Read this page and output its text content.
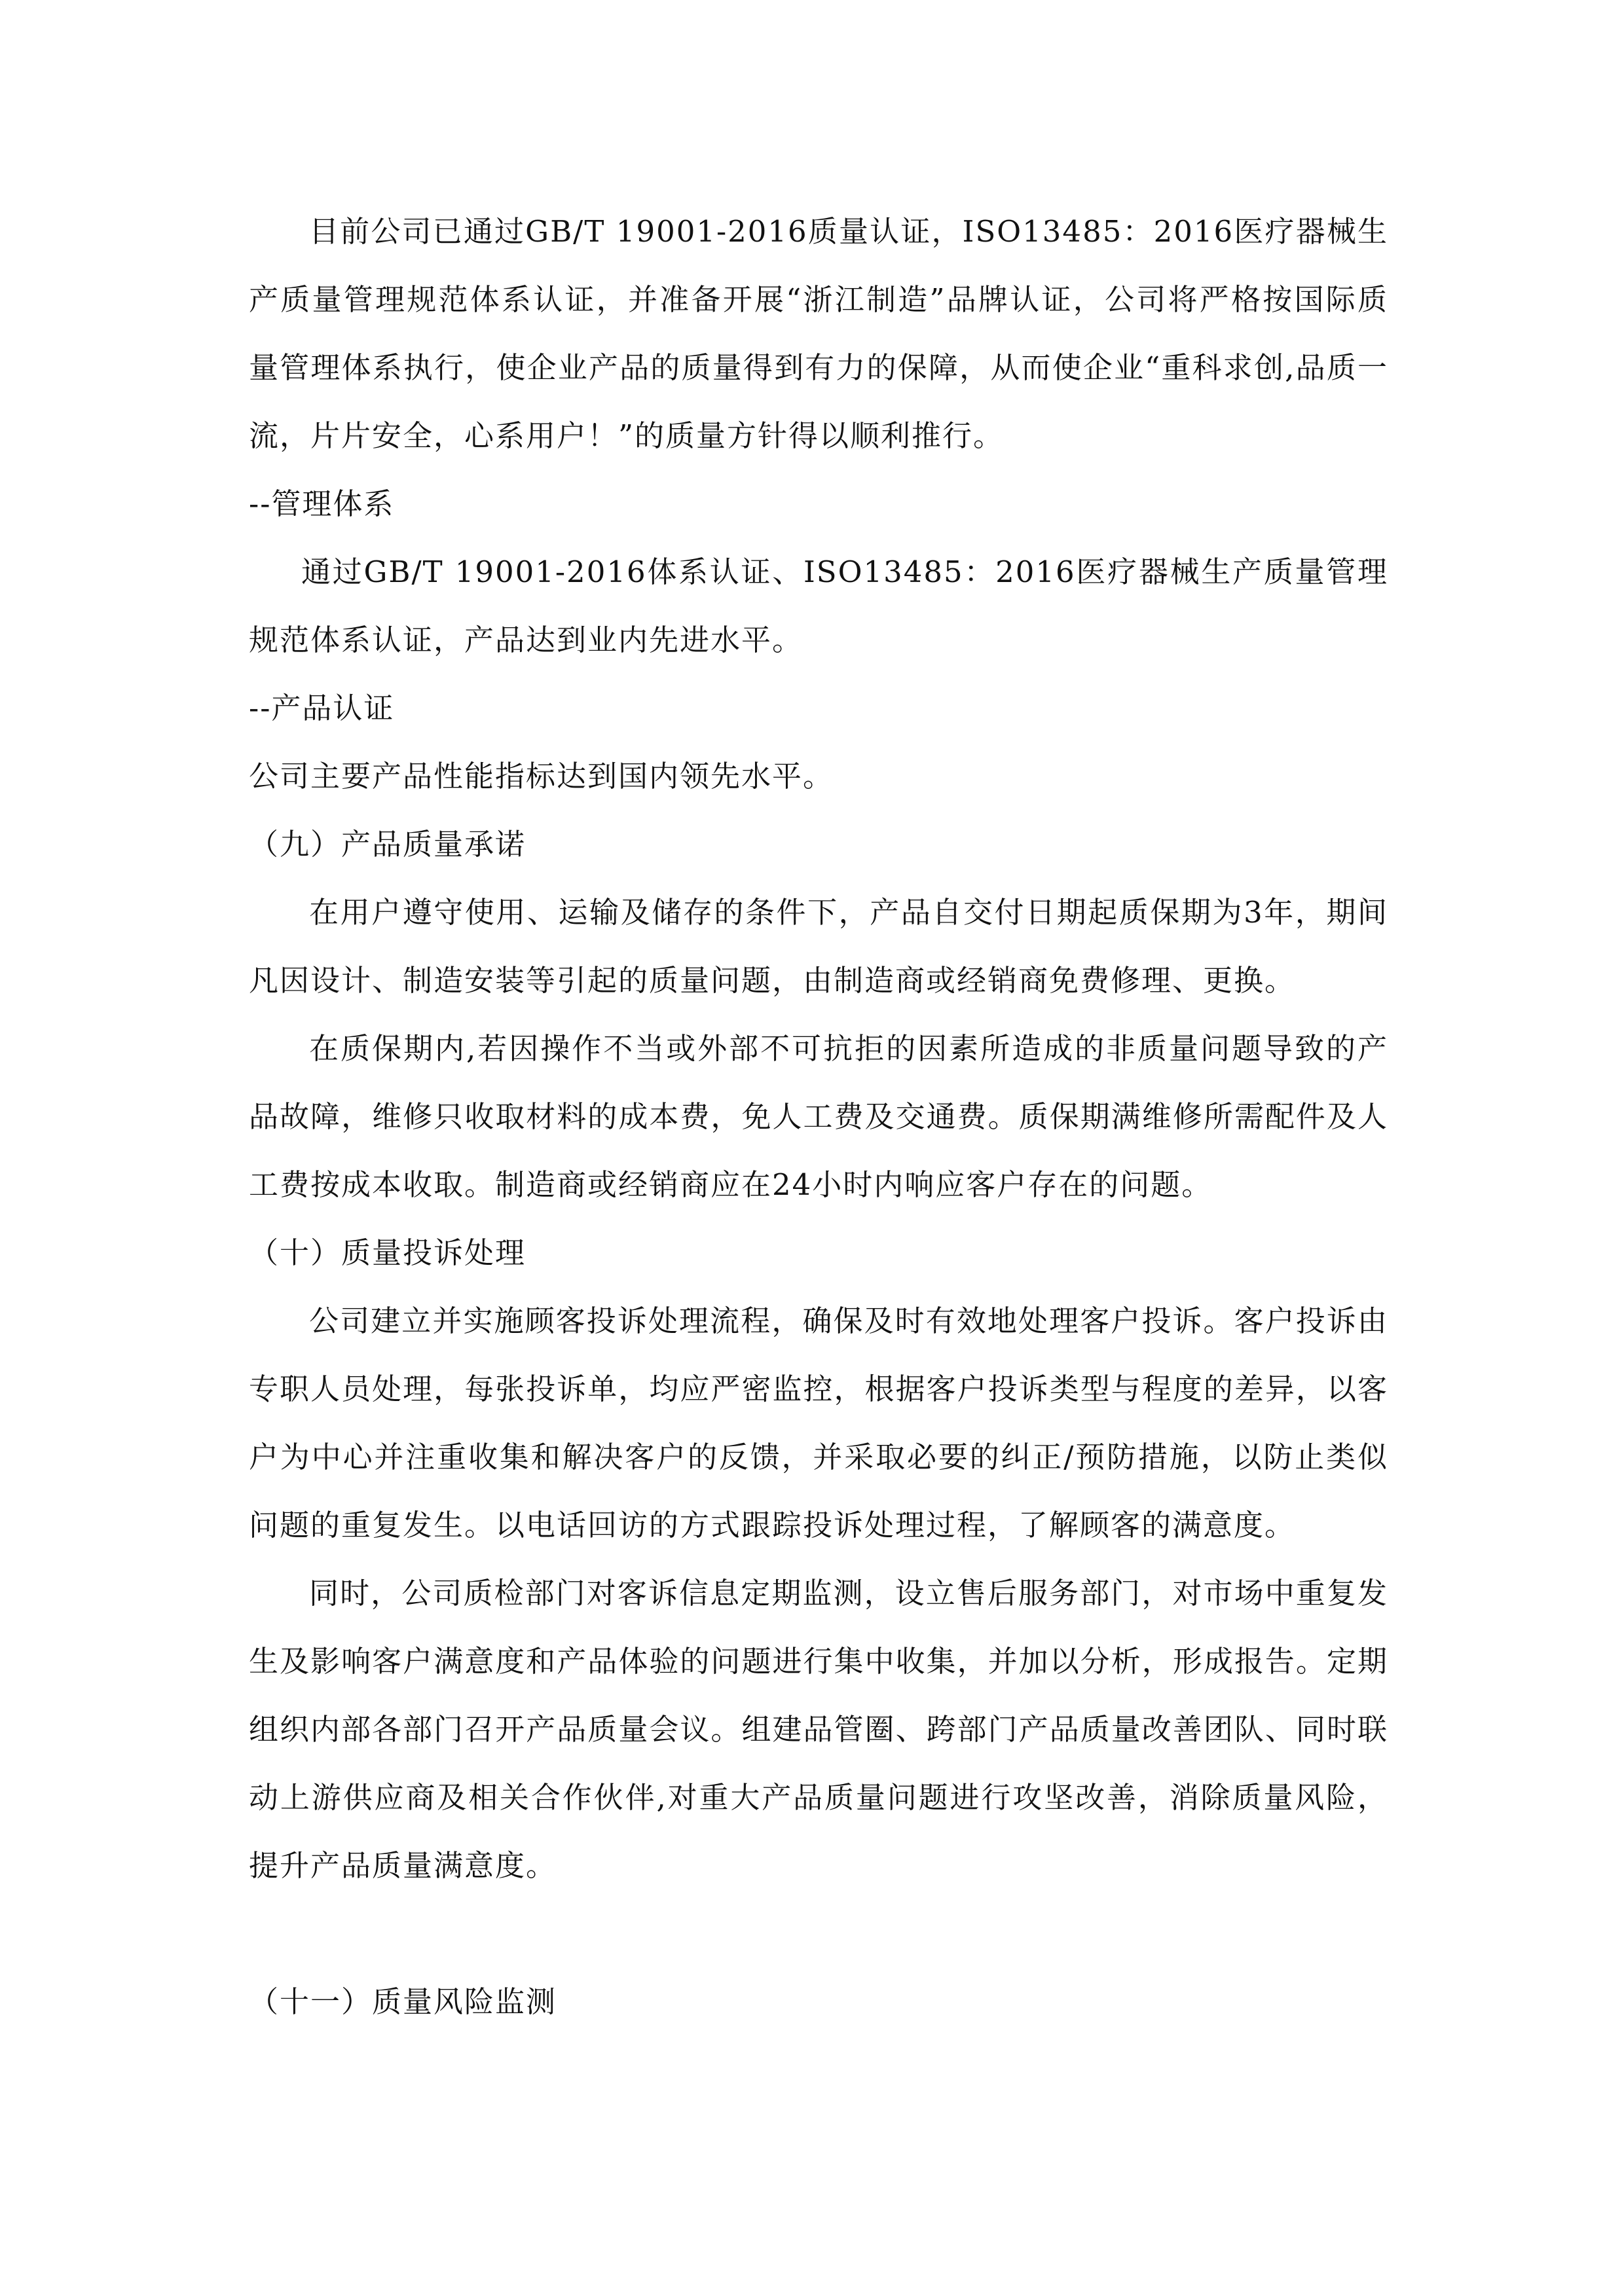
目前公司已通过GB/T 19001-2016质量认证，ISO13485：2016医疗器械生产质量管理规范体系认证，并准备开展“浙江制造”品牌认证，公司将严格按国际质量管理体系执行，使企业产品的质量得到有力的保障，从而使企业“重科求创,品质一流，片片安全，心系用户！”的质量方针得以顺利推行。

--管理体系

通过GB/T 19001-2016体系认证、ISO13485：2016医疗器械生产质量管理规范体系认证，产品达到业内先进水平。

--产品认证

公司主要产品性能指标达到国内领先水平。

（九）产品质量承诺

在用户遵守使用、运输及储存的条件下，产品自交付日期起质保期为3年，期间凡因设计、制造安装等引起的质量问题，由制造商或经销商免费修理、更换。

在质保期内,若因操作不当或外部不可抗拒的因素所造成的非质量问题导致的产品故障，维修只收取材料的成本费，免人工费及交通费。质保期满维修所需配件及人工费按成本收取。制造商或经销商应在24小时内响应客户存在的问题。

（十）质量投诉处理

公司建立并实施顾客投诉处理流程，确保及时有效地处理客户投诉。客户投诉由专职人员处理，每张投诉单，均应严密监控，根据客户投诉类型与程度的差异，以客户为中心并注重收集和解决客户的反馈，并采取必要的纠正/预防措施，以防止类似问题的重复发生。以电话回访的方式跟踪投诉处理过程，了解顾客的满意度。

同时，公司质检部门对客诉信息定期监测，设立售后服务部门，对市场中重复发生及影响客户满意度和产品体验的问题进行集中收集，并加以分析，形成报告。定期组织内部各部门召开产品质量会议。组建品管圈、跨部门产品质量改善团队、同时联动上游供应商及相关合作伙伴,对重大产品质量问题进行攻坚改善，消除质量风险，提升产品质量满意度。

（十一）质量风险监测
